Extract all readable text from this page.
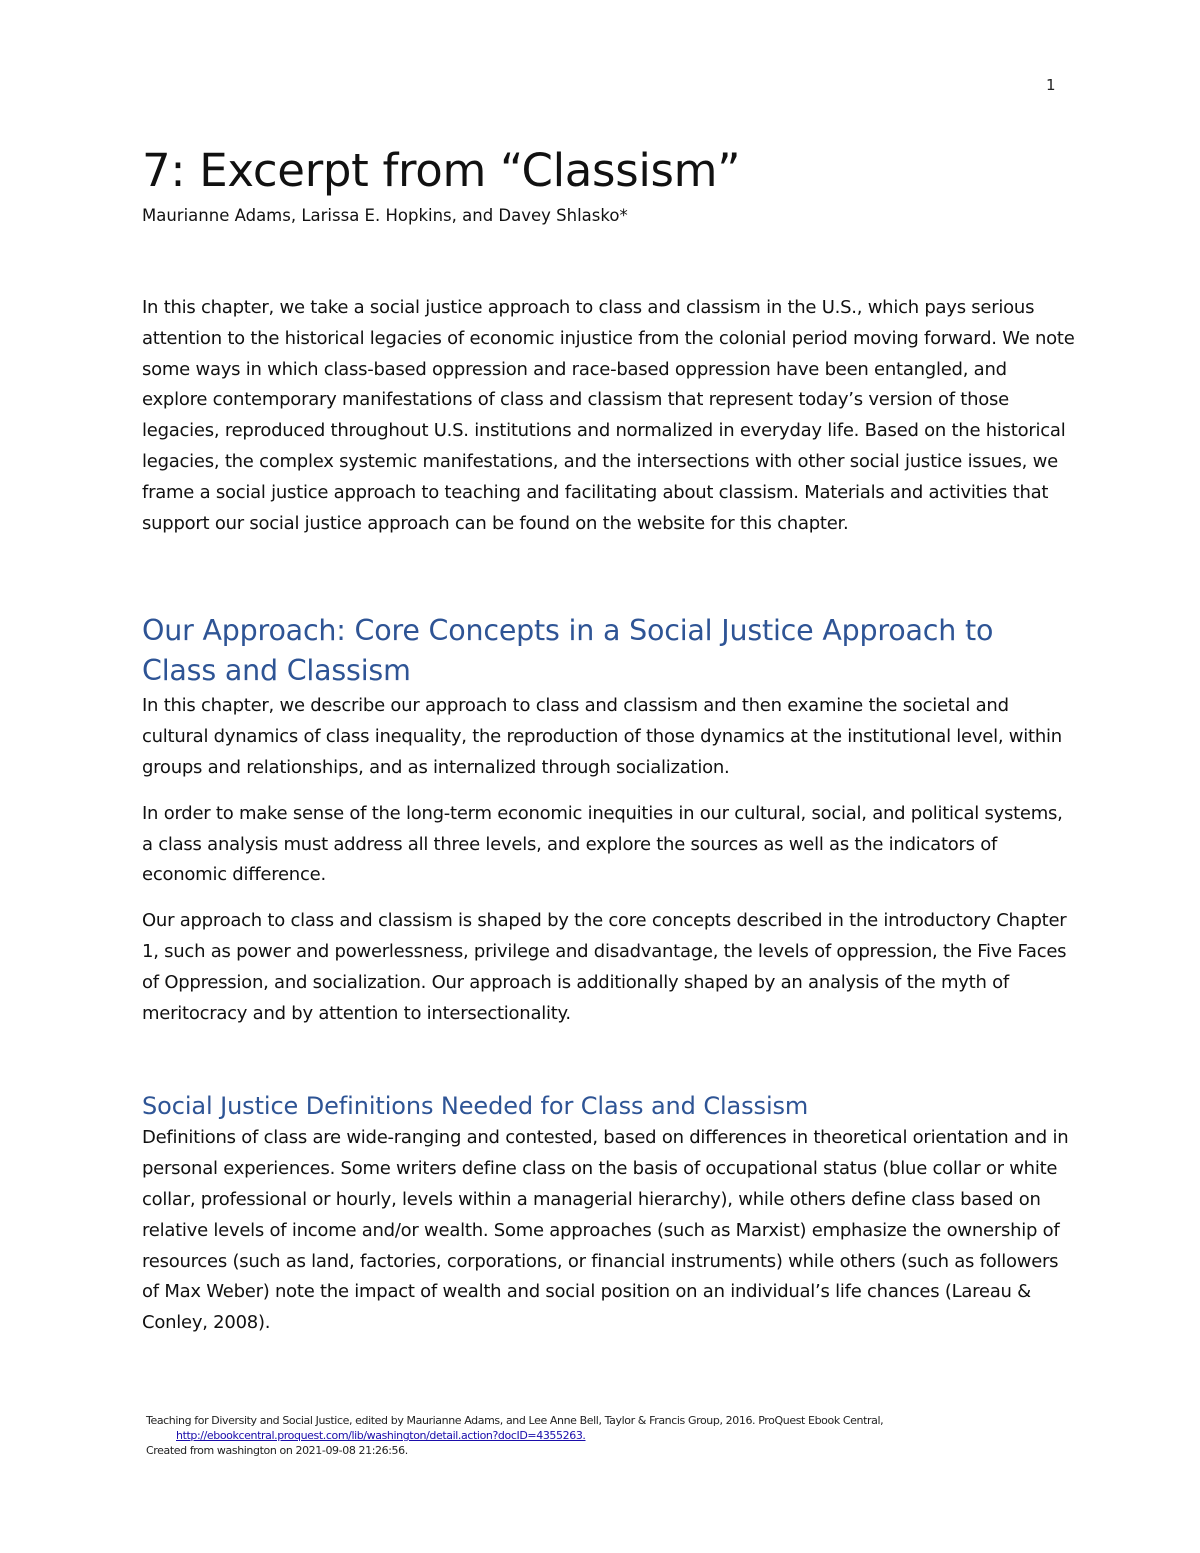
1
7: Excerpt from “Classism”

Maurianne Adams, Larissa E. Hopkins, and Davey Shlasko*

In this chapter, we take a social justice approach to class and classism in the U.S., which pays serious attention to the historical legacies of economic injustice from the colonial period moving forward. We note some ways in which class-based oppression and race-based oppression have been entangled, and explore contemporary manifestations of class and classism that represent today’s version of those legacies, reproduced throughout U.S. institutions and normalized in everyday life. Based on the historical legacies, the complex systemic manifestations, and the intersections with other social justice issues, we frame a social justice approach to teaching and facilitating about classism. Materials and activities that support our social justice approach can be found on the website for this chapter.

Our Approach: Core Concepts in a Social Justice Approach to Class and Classism

In this chapter, we describe our approach to class and classism and then examine the societal and cultural dynamics of class inequality, the reproduction of those dynamics at the institutional level, within groups and relationships, and as internalized through socialization.

In order to make sense of the long-term economic inequities in our cultural, social, and political systems, a class analysis must address all three levels, and explore the sources as well as the indicators of economic difference.

Our approach to class and classism is shaped by the core concepts described in the introductory Chapter 1, such as power and powerlessness, privilege and disadvantage, the levels of oppression, the Five Faces of Oppression, and socialization. Our approach is additionally shaped by an analysis of the myth of meritocracy and by attention to intersectionality.

Social Justice Definitions Needed for Class and Classism

Definitions of class are wide-ranging and contested, based on differences in theoretical orientation and in personal experiences. Some writers define class on the basis of occupational status (blue collar or white collar, professional or hourly, levels within a managerial hierarchy), while others define class based on relative levels of income and/or wealth. Some approaches (such as Marxist) emphasize the ownership of resources (such as land, factories, corporations, or financial instruments) while others (such as followers of Max Weber) note the impact of wealth and social position on an individual’s life chances (Lareau & Conley, 2008).

Teaching for Diversity and Social Justice, edited by Maurianne Adams, and Lee Anne Bell, Taylor & Francis Group, 2016. ProQuest Ebook Central,
http://ebookcentral.proquest.com/lib/washington/detail.action?docID=4355263.
Created from washington on 2021-09-08 21:26:56.
